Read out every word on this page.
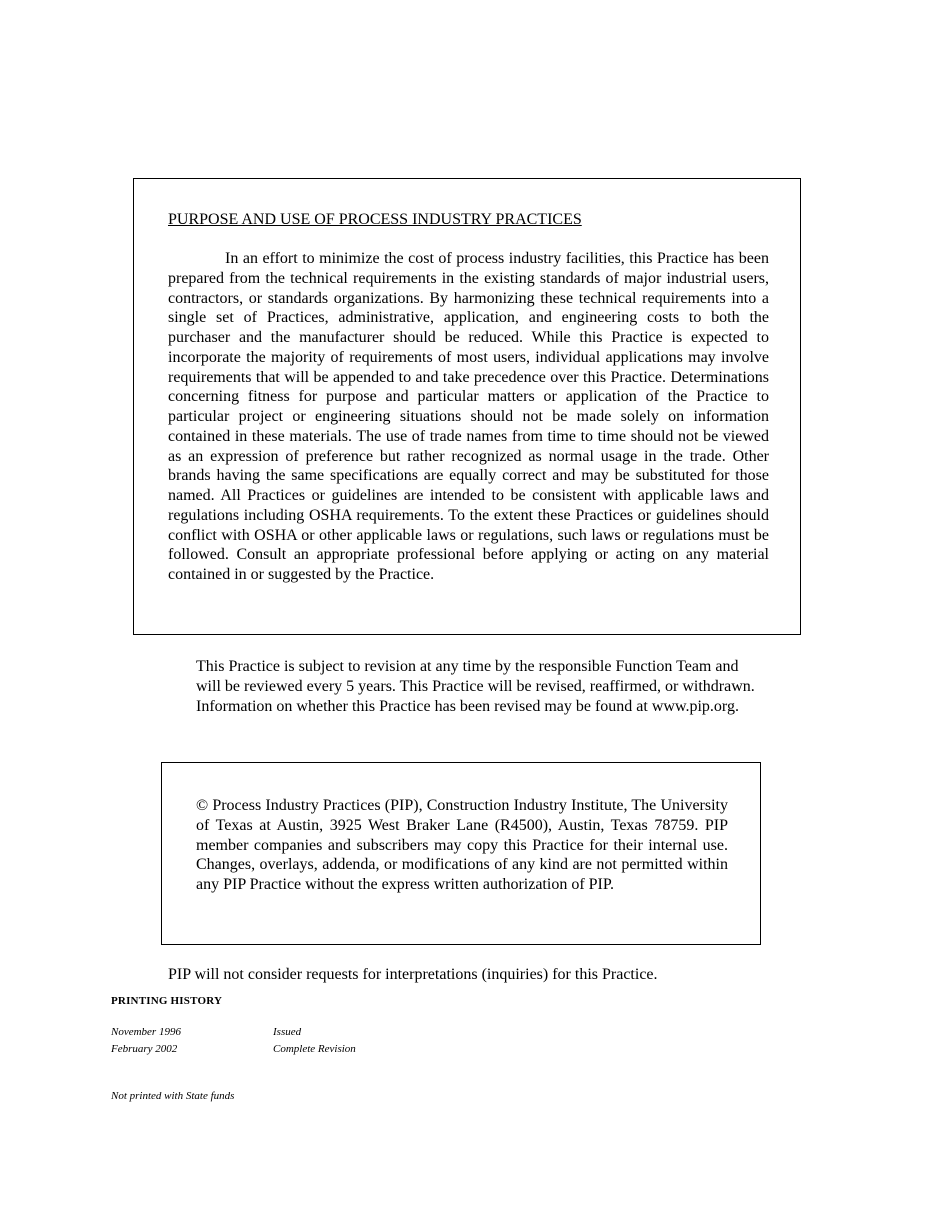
PURPOSE AND USE OF PROCESS INDUSTRY PRACTICES

In an effort to minimize the cost of process industry facilities, this Practice has been prepared from the technical requirements in the existing standards of major industrial users, contractors, or standards organizations. By harmonizing these technical requirements into a single set of Practices, administrative, application, and engineering costs to both the purchaser and the manufacturer should be reduced. While this Practice is expected to incorporate the majority of requirements of most users, individual applications may involve requirements that will be appended to and take precedence over this Practice. Determinations concerning fitness for purpose and particular matters or application of the Practice to particular project or engineering situations should not be made solely on information contained in these materials. The use of trade names from time to time should not be viewed as an expression of preference but rather recognized as normal usage in the trade. Other brands having the same specifications are equally correct and may be substituted for those named. All Practices or guidelines are intended to be consistent with applicable laws and regulations including OSHA requirements. To the extent these Practices or guidelines should conflict with OSHA or other applicable laws or regulations, such laws or regulations must be followed. Consult an appropriate professional before applying or acting on any material contained in or suggested by the Practice.

This Practice is subject to revision at any time by the responsible Function Team and will be reviewed every 5 years. This Practice will be revised, reaffirmed, or withdrawn. Information on whether this Practice has been revised may be found at www.pip.org.

© Process Industry Practices (PIP), Construction Industry Institute, The University of Texas at Austin, 3925 West Braker Lane (R4500), Austin, Texas 78759. PIP member companies and subscribers may copy this Practice for their internal use. Changes, overlays, addenda, or modifications of any kind are not permitted within any PIP Practice without the express written authorization of PIP.

PIP will not consider requests for interpretations (inquiries) for this Practice.

PRINTING HISTORY
November 1996	Issued
February 2002	Complete Revision
Not printed with State funds
